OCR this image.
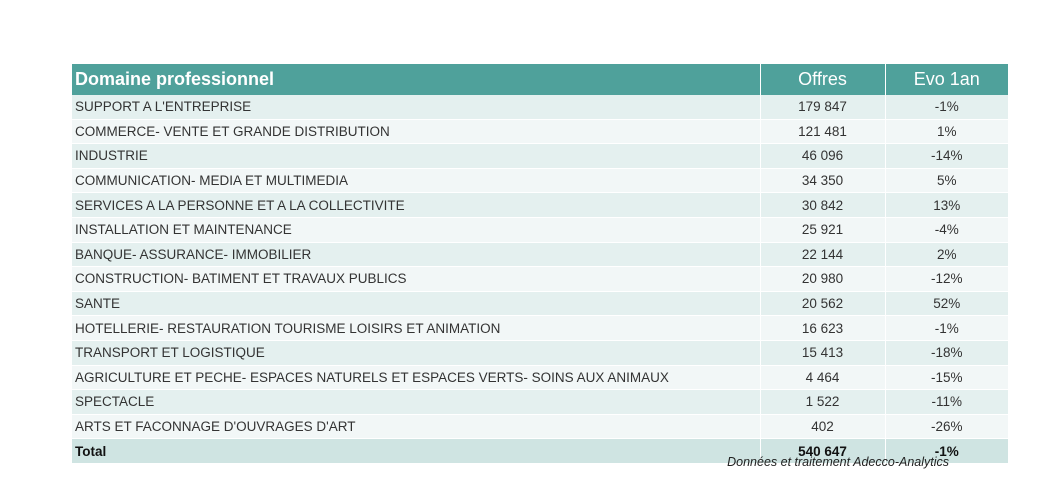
Domaine professionnel	Offres	Evo 1an
SUPPORT A L'ENTREPRISE	179 847	-1%
COMMERCE- VENTE ET GRANDE DISTRIBUTION	121 481	1%
INDUSTRIE	46 096	-14%
COMMUNICATION- MEDIA ET MULTIMEDIA	34 350	5%
SERVICES A LA PERSONNE ET A LA COLLECTIVITE	30 842	13%
INSTALLATION ET MAINTENANCE	25 921	-4%
BANQUE- ASSURANCE- IMMOBILIER	22 144	2%
CONSTRUCTION- BATIMENT ET TRAVAUX PUBLICS	20 980	-12%
SANTE	20 562	52%
HOTELLERIE- RESTAURATION TOURISME LOISIRS ET ANIMATION	16 623	-1%
TRANSPORT ET LOGISTIQUE	15 413	-18%
AGRICULTURE ET PECHE- ESPACES NATURELS ET ESPACES VERTS- SOINS AUX ANIMAUX	4 464	-15%
SPECTACLE	1 522	-11%
ARTS ET FACONNAGE D'OUVRAGES D'ART	402	-26%
Total	540 647	-1%
Données et traitement Adecco-Analytics
